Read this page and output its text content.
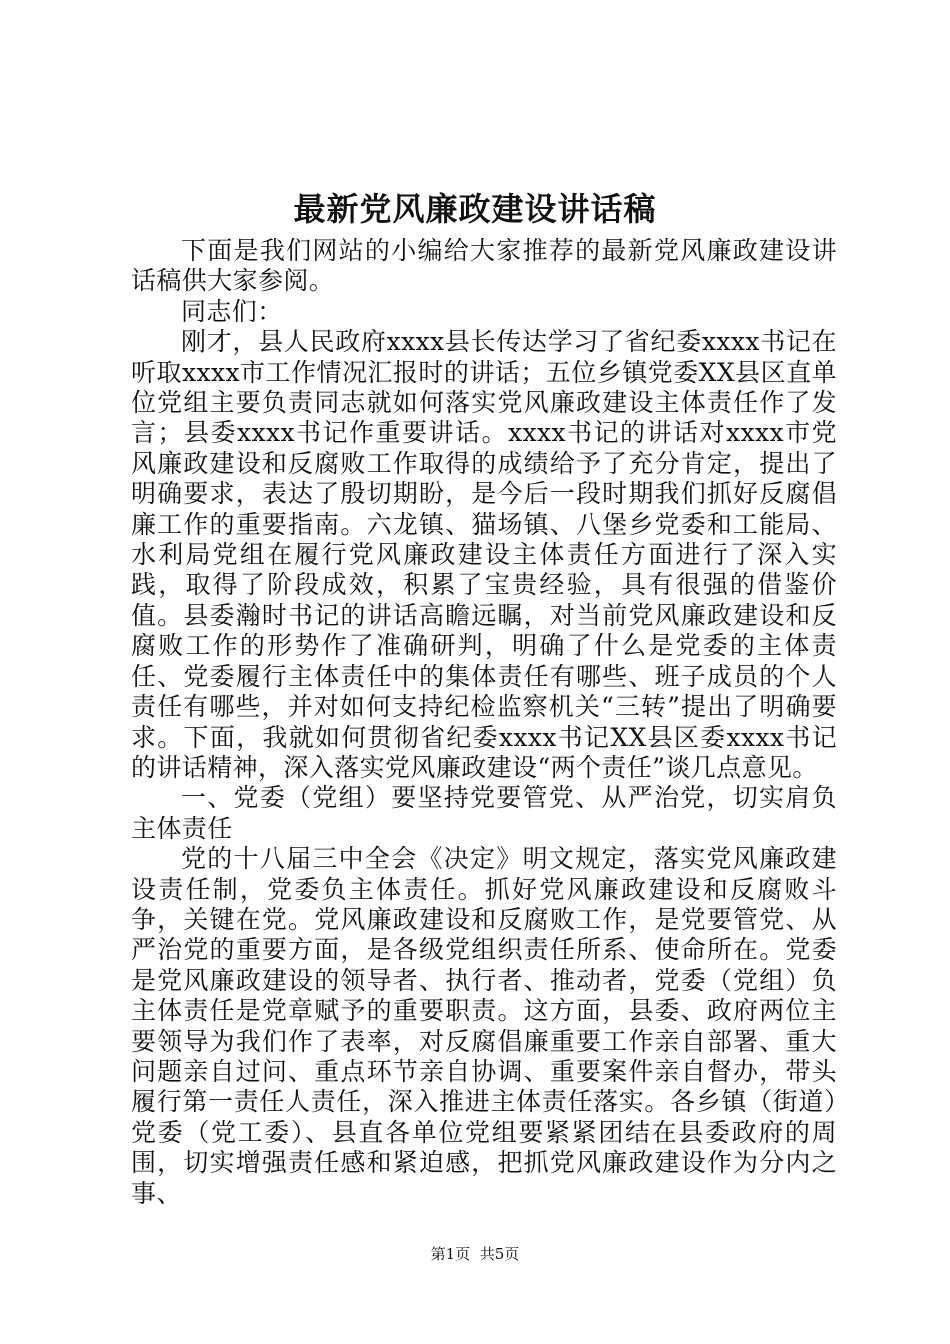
最新党风廉政建设讲话稿

下面是我们网站的小编给大家推荐的最新党风廉政建设讲话稿供大家参阅。

同志们：

刚才，县人民政府xxxx县长传达学习了省纪委xxxx书记在听取xxxx市工作情况汇报时的讲话；五位乡镇党委XX县区直单位党组主要负责同志就如何落实党风廉政建设主体责任作了发言；县委xxxx书记作重要讲话。xxxx书记的讲话对xxxx市党风廉政建设和反腐败工作取得的成绩给予了充分肯定，提出了明确要求，表达了殷切期盼，是今后一段时期我们抓好反腐倡廉工作的重要指南。六龙镇、猫场镇、八堡乡党委和工能局、水利局党组在履行党风廉政建设主体责任方面进行了深入实践，取得了阶段成效，积累了宝贵经验，具有很强的借鉴价值。县委瀚时书记的讲话高瞻远瞩，对当前党风廉政建设和反腐败工作的形势作了准确研判，明确了什么是党委的主体责任、党委履行主体责任中的集体责任有哪些、班子成员的个人责任有哪些，并对如何支持纪检监察机关“三转”提出了明确要求。下面，我就如何贯彻省纪委xxxx书记XX县区委xxxx书记的讲话精神，深入落实党风廉政建设“两个责任”谈几点意见。

一、党委（党组）要坚持党要管党、从严治党，切实肩负主体责任

党的十八届三中全会《决定》明文规定，落实党风廉政建设责任制，党委负主体责任。抓好党风廉政建设和反腐败斗争，关键在党。党风廉政建设和反腐败工作，是党要管党、从严治党的重要方面，是各级党组织责任所系、使命所在。党委是党风廉政建设的领导者、执行者、推动者，党委（党组）负主体责任是党章赋予的重要职责。这方面，县委、政府两位主要领导为我们作了表率，对反腐倡廉重要工作亲自部署、重大问题亲自过问、重点环节亲自协调、重要案件亲自督办，带头履行第一责任人责任，深入推进主体责任落实。各乡镇（街道）党委（党工委）、县直各单位党组要紧紧团结在县委政府的周围，切实增强责任感和紧迫感，把抓党风廉政建设作为分内之事、

第1页 共5页
